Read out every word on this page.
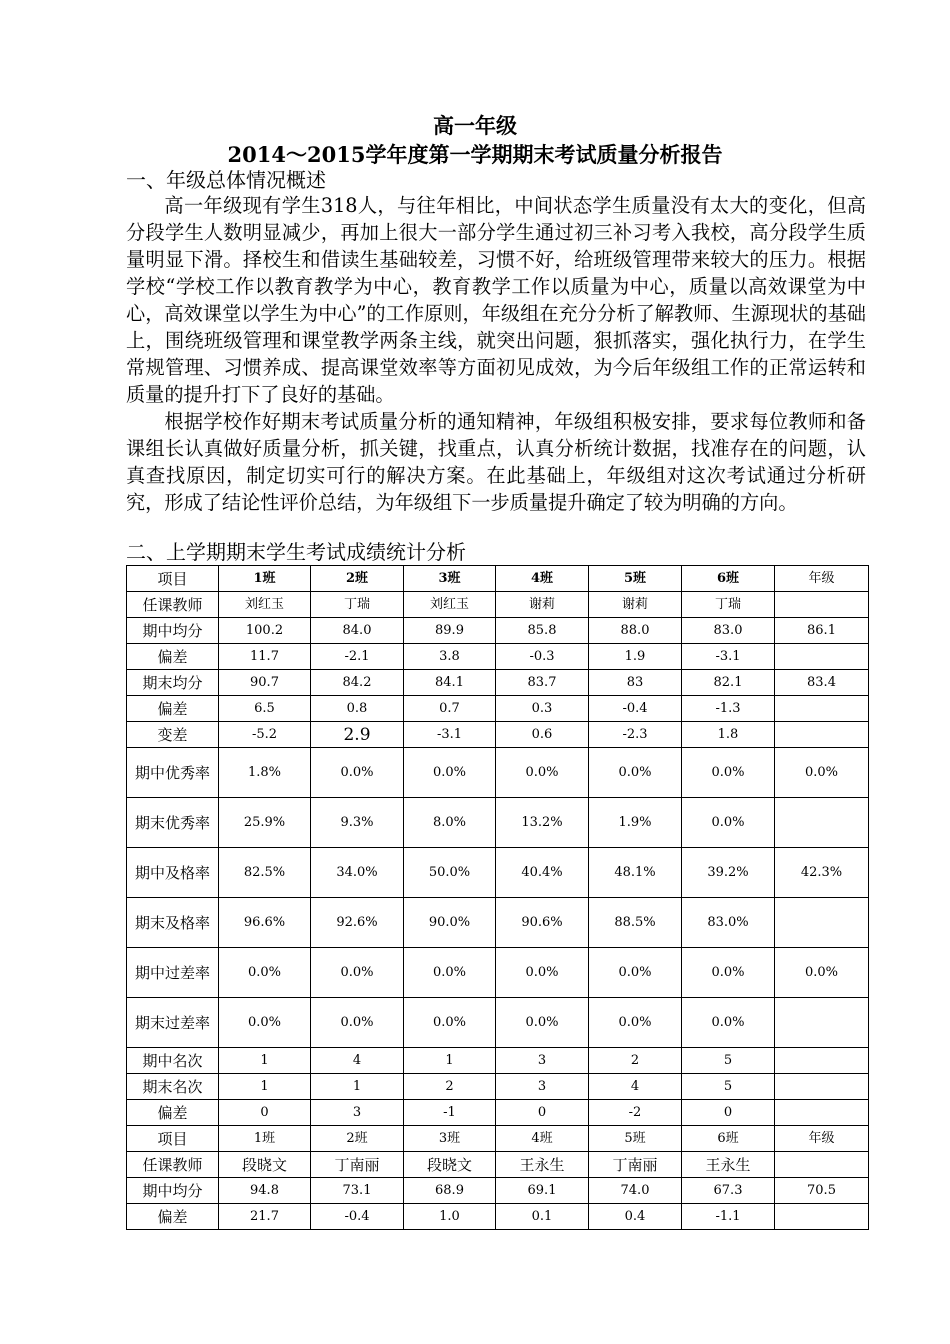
高一年级
2014～2015学年度第一学期期末考试质量分析报告
一、年级总体情况概述

高一年级现有学生318人，与往年相比，中间状态学生质量没有太大的变化，但高分段学生人数明显减少，再加上很大一部分学生通过初三补习考入我校，高分段学生质量明显下滑。择校生和借读生基础较差，习惯不好，给班级管理带来较大的压力。根据学校“学校工作以教育教学为中心，教育教学工作以质量为中心，质量以高效课堂为中心，高效课堂以学生为中心”的工作原则，年级组在充分分析了解教师、生源现状的基础上，围绕班级管理和课堂教学两条主线，就突出问题，狠抓落实，强化执行力，在学生常规管理、习惯养成、提高课堂效率等方面初见成效，为今后年级组工作的正常运转和质量的提升打下了良好的基础。

根据学校作好期末考试质量分析的通知精神，年级组积极安排，要求每位教师和备课组长认真做好质量分析，抓关键，找重点，认真分析统计数据，找准存在的问题，认真查找原因，制定切实可行的解决方案。在此基础上，年级组对这次考试通过分析研究，形成了结论性评价总结，为年级组下一步质量提升确定了较为明确的方向。

二、上学期期末学生考试成绩统计分析
项目	1班	2班	3班	4班	5班	6班	年级
任课教师	刘红玉	丁瑞	刘红玉	谢莉	谢莉	丁瑞	
期中均分	100.2	84.0	89.9	85.8	88.0	83.0	86.1
偏差	11.7	-2.1	3.8	-0.3	1.9	-3.1	
期末均分	90.7	84.2	84.1	83.7	83	82.1	83.4
偏差	6.5	0.8	0.7	0.3	-0.4	-1.3	
变差	-5.2	2.9	-3.1	0.6	-2.3	1.8	
期中优秀率	1.8%	0.0%	0.0%	0.0%	0.0%	0.0%	0.0%
期末优秀率	25.9%	9.3%	8.0%	13.2%	1.9%	0.0%	
期中及格率	82.5%	34.0%	50.0%	40.4%	48.1%	39.2%	42.3%
期末及格率	96.6%	92.6%	90.0%	90.6%	88.5%	83.0%	
期中过差率	0.0%	0.0%	0.0%	0.0%	0.0%	0.0%	0.0%
期末过差率	0.0%	0.0%	0.0%	0.0%	0.0%	0.0%	
期中名次	1	4	1	3	2	5	
期末名次	1	1	2	3	4	5	
偏差	0	3	-1	0	-2	0	
项目	1班	2班	3班	4班	5班	6班	年级
任课教师	段晓文	丁南丽	段晓文	王永生	丁南丽	王永生	
期中均分	94.8	73.1	68.9	69.1	74.0	67.3	70.5
偏差	21.7	-0.4	1.0	0.1	0.4	-1.1	
